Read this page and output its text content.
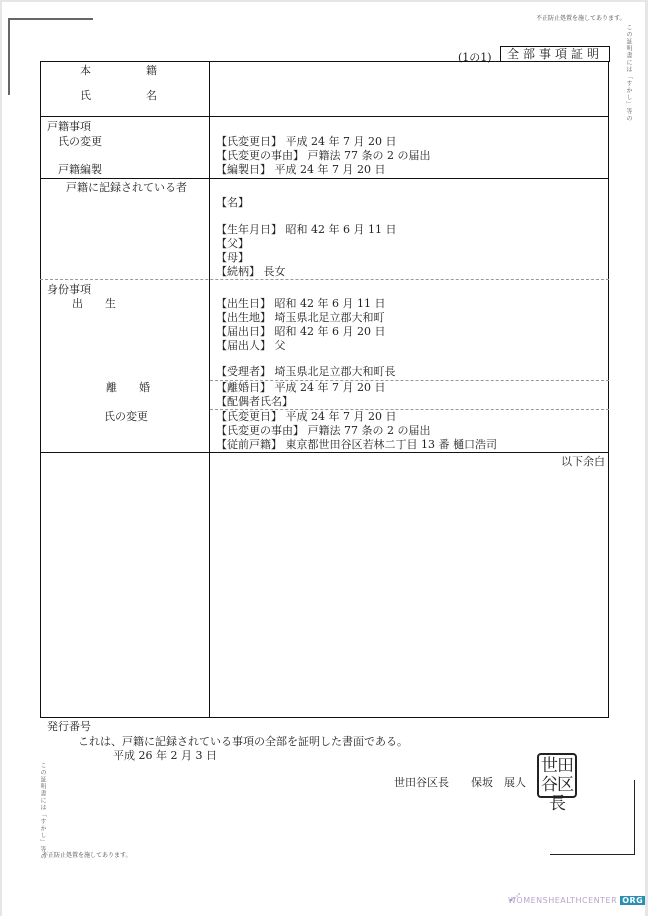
不正防止処置を施してあります。
この証明書には「すかし」等の
(1の1)	全部事項証明
本　　　　　籍
氏　　　　　名
戸籍事項
氏の変更	【氏変更日】 平成 24 年 7 月 20 日
【氏変更の事由】 戸籍法 77 条の 2 の届出
戸籍編製	【編製日】 平成 24 年 7 月 20 日
戸籍に記録されている者
【名】
【生年月日】 昭和 42 年 6 月 11 日
【父】
【母】
【続柄】 長女
身份事項
出　　生	【出生日】 昭和 42 年 6 月 11 日
【出生地】 埼玉県北足立郡大和町
【届出日】 昭和 42 年 6 月 20 日
【届出人】 父
【受理者】 埼玉県北足立郡大和町長
離　　婚	【離婚日】 平成 24 年 7 月 20 日
【配偶者氏名】
氏の変更	【氏変更日】 平成 24 年 7 月 20 日
【氏変更の事由】 戸籍法 77 条の 2 の届出
【従前戸籍】 東京都世田谷区若林二丁目 13 番 樋口浩司
以下余白
発行番号
これは、戸籍に記録されている事項の全部を証明した書面である。
平成 26 年 2 月 3 日
世田谷区長　　保坂　展人
世田谷区長
この証明書には「すかし」等の
不正防止処置を施してあります。
WOMENSHEALTHCENTER ORG
